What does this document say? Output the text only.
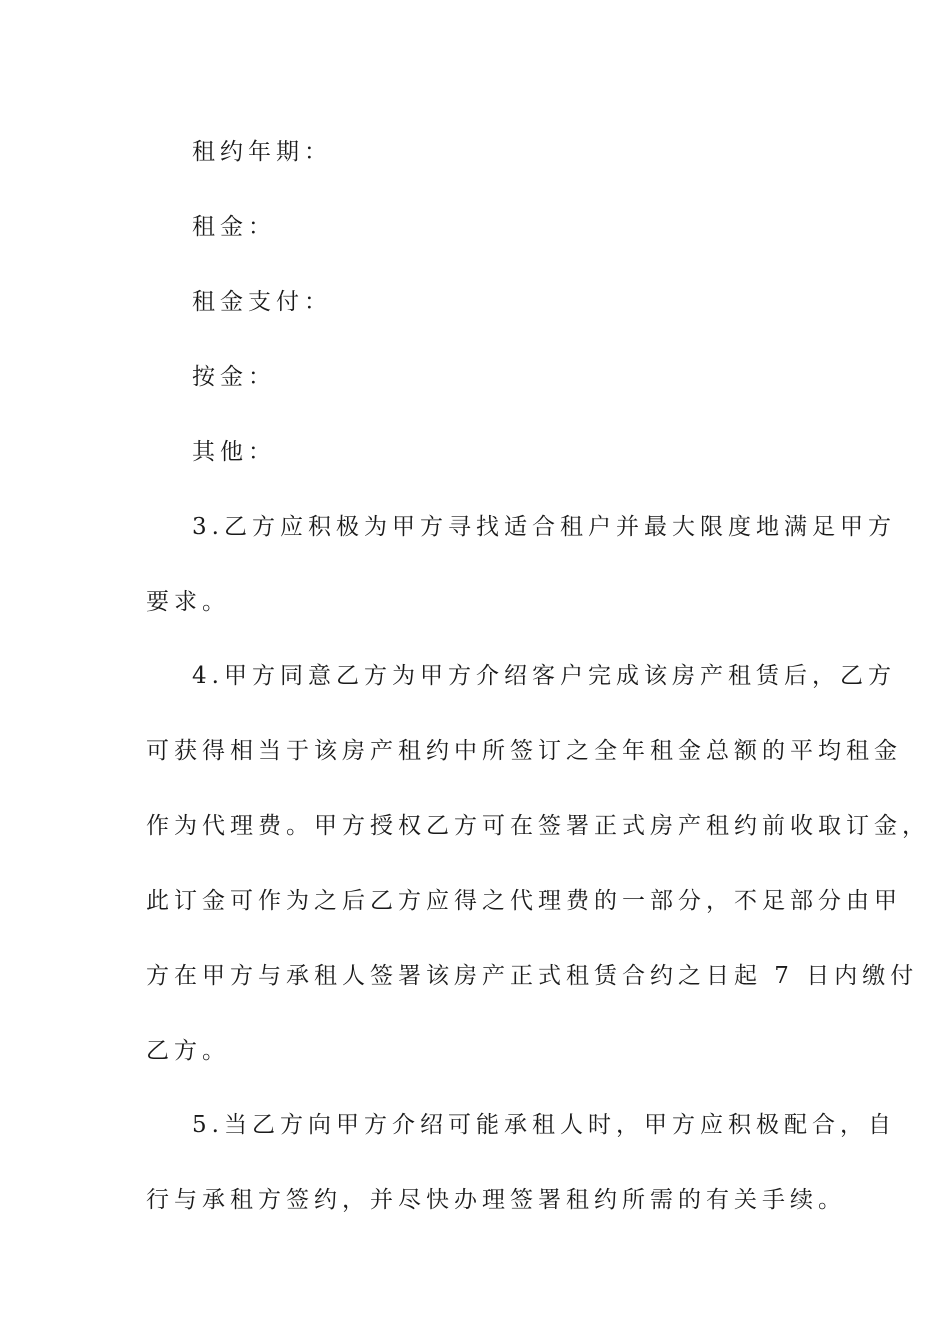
租约年期：
租金：
租金支付：
按金：
其他：
3.乙方应积极为甲方寻找适合租户并最大限度地满足甲方
要求。
4.甲方同意乙方为甲方介绍客户完成该房产租赁后，乙方
可获得相当于该房产租约中所签订之全年租金总额的平均租金
作为代理费。甲方授权乙方可在签署正式房产租约前收取订金，
此订金可作为之后乙方应得之代理费的一部分，不足部分由甲
方在甲方与承租人签署该房产正式租赁合约之日起 7 日内缴付
乙方。
5.当乙方向甲方介绍可能承租人时，甲方应积极配合，自
行与承租方签约，并尽快办理签署租约所需的有关手续。
